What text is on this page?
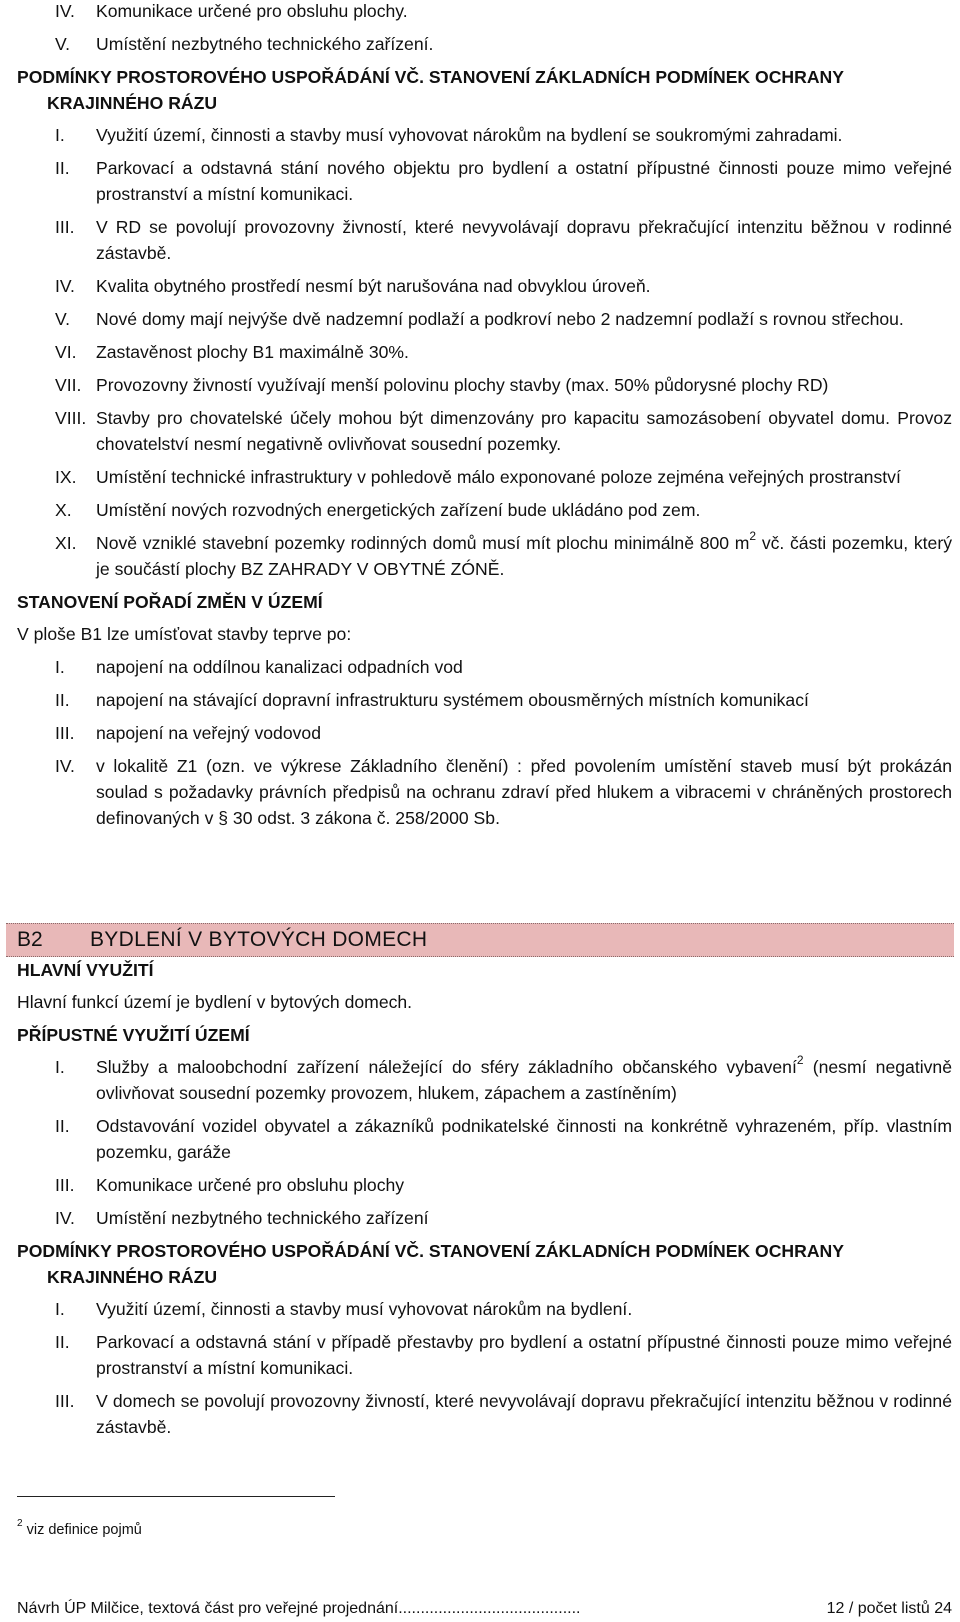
IV.	Komunikace určené pro obsluhu plochy.
V.	Umístění nezbytného technického zařízení.
PODMÍNKY PROSTOROVÉHO USPOŘÁDÁNÍ VČ. STANOVENÍ ZÁKLADNÍCH PODMÍNEK OCHRANY
KRAJINNÉHO RÁZU
I.	Využití území, činnosti a stavby musí vyhovovat nárokům na bydlení se soukromými zahradami.
II.	Parkovací a odstavná stání nového objektu pro bydlení a ostatní přípustné činnosti pouze mimo veřejné prostranství a místní komunikaci.
III.	V RD se povolují provozovny živností, které nevyvolávají dopravu překračující intenzitu běžnou v rodinné zástavbě.
IV.	Kvalita obytného prostředí nesmí být narušována nad obvyklou úroveň.
V.	Nové domy mají nejvýše dvě nadzemní podlaží a podkroví nebo 2 nadzemní podlaží s rovnou střechou.
VI.	Zastavěnost plochy B1 maximálně 30%.
VII. Provozovny živností využívají menší polovinu plochy stavby (max. 50% půdorysné plochy RD)
VIII. Stavby pro chovatelské účely mohou být dimenzovány pro kapacitu samozásobení obyvatel domu. Provoz chovatelství nesmí negativně ovlivňovat sousední pozemky.
IX.	Umístění technické infrastruktury v pohledově málo exponované poloze zejména veřejných prostranství
X.	Umístění nových rozvodných energetických zařízení bude ukládáno pod zem.
XI.	Nově vzniklé stavební pozemky rodinných domů musí mít plochu minimálně 800 $m^2$ vč. části pozemku, který je součástí plochy BZ ZAHRADY V OBYTNÉ ZÓNĚ.
STANOVENÍ POŘADÍ ZMĚN V ÚZEMÍ
V ploše B1 lze umísťovat stavby teprve po:
I.	napojení na oddílnou kanalizaci odpadních vod
II.	napojení na stávající dopravní infrastrukturu systémem obousměrných místních komunikací
III.	napojení na veřejný vodovod
IV.	v lokalitě Z1 (ozn. ve výkrese Základního členění) : před povolením umístění staveb musí být prokázán soulad s požadavky právních předpisů na ochranu zdraví před hlukem a vibracemi v chráněných prostorech definovaných v § 30 odst. 3 zákona č. 258/2000 Sb.
B2 BYDLENÍ V BYTOVÝCH DOMECH
HLAVNÍ VYUŽITÍ
Hlavní funkcí území je bydlení v bytových domech.
PŘÍPUSTNÉ VYUŽITÍ ÚZEMÍ
I.	Služby a maloobchodní zařízení náležející do sféry základního občanského vybavení$^2$ (nesmí negativně ovlivňovat sousední pozemky provozem, hlukem, zápachem a zastíněním)
II.	Odstavování vozidel obyvatel a zákazníků podnikatelské činnosti na konkrétně vyhrazeném, příp. vlastním pozemku, garáže
III.	Komunikace určené pro obsluhu plochy
IV.	Umístění nezbytného technického zařízení
PODMÍNKY PROSTOROVÉHO USPOŘÁDÁNÍ VČ. STANOVENÍ ZÁKLADNÍCH PODMÍNEK OCHRANY
KRAJINNÉHO RÁZU
I.	Využití území, činnosti a stavby musí vyhovovat nárokům na bydlení.
II.	Parkovací a odstavná stání v případě přestavby pro bydlení a ostatní přípustné činnosti pouze mimo veřejné prostranství a místní komunikaci.
III.	V domech se povolují provozovny živností, které nevyvolávají dopravu překračující intenzitu běžnou v rodinné zástavbě.
$^2$ viz definice pojmů
Návrh ÚP Milčice, textová část pro veřejné projednání.........................................	12 / počet listů 24
